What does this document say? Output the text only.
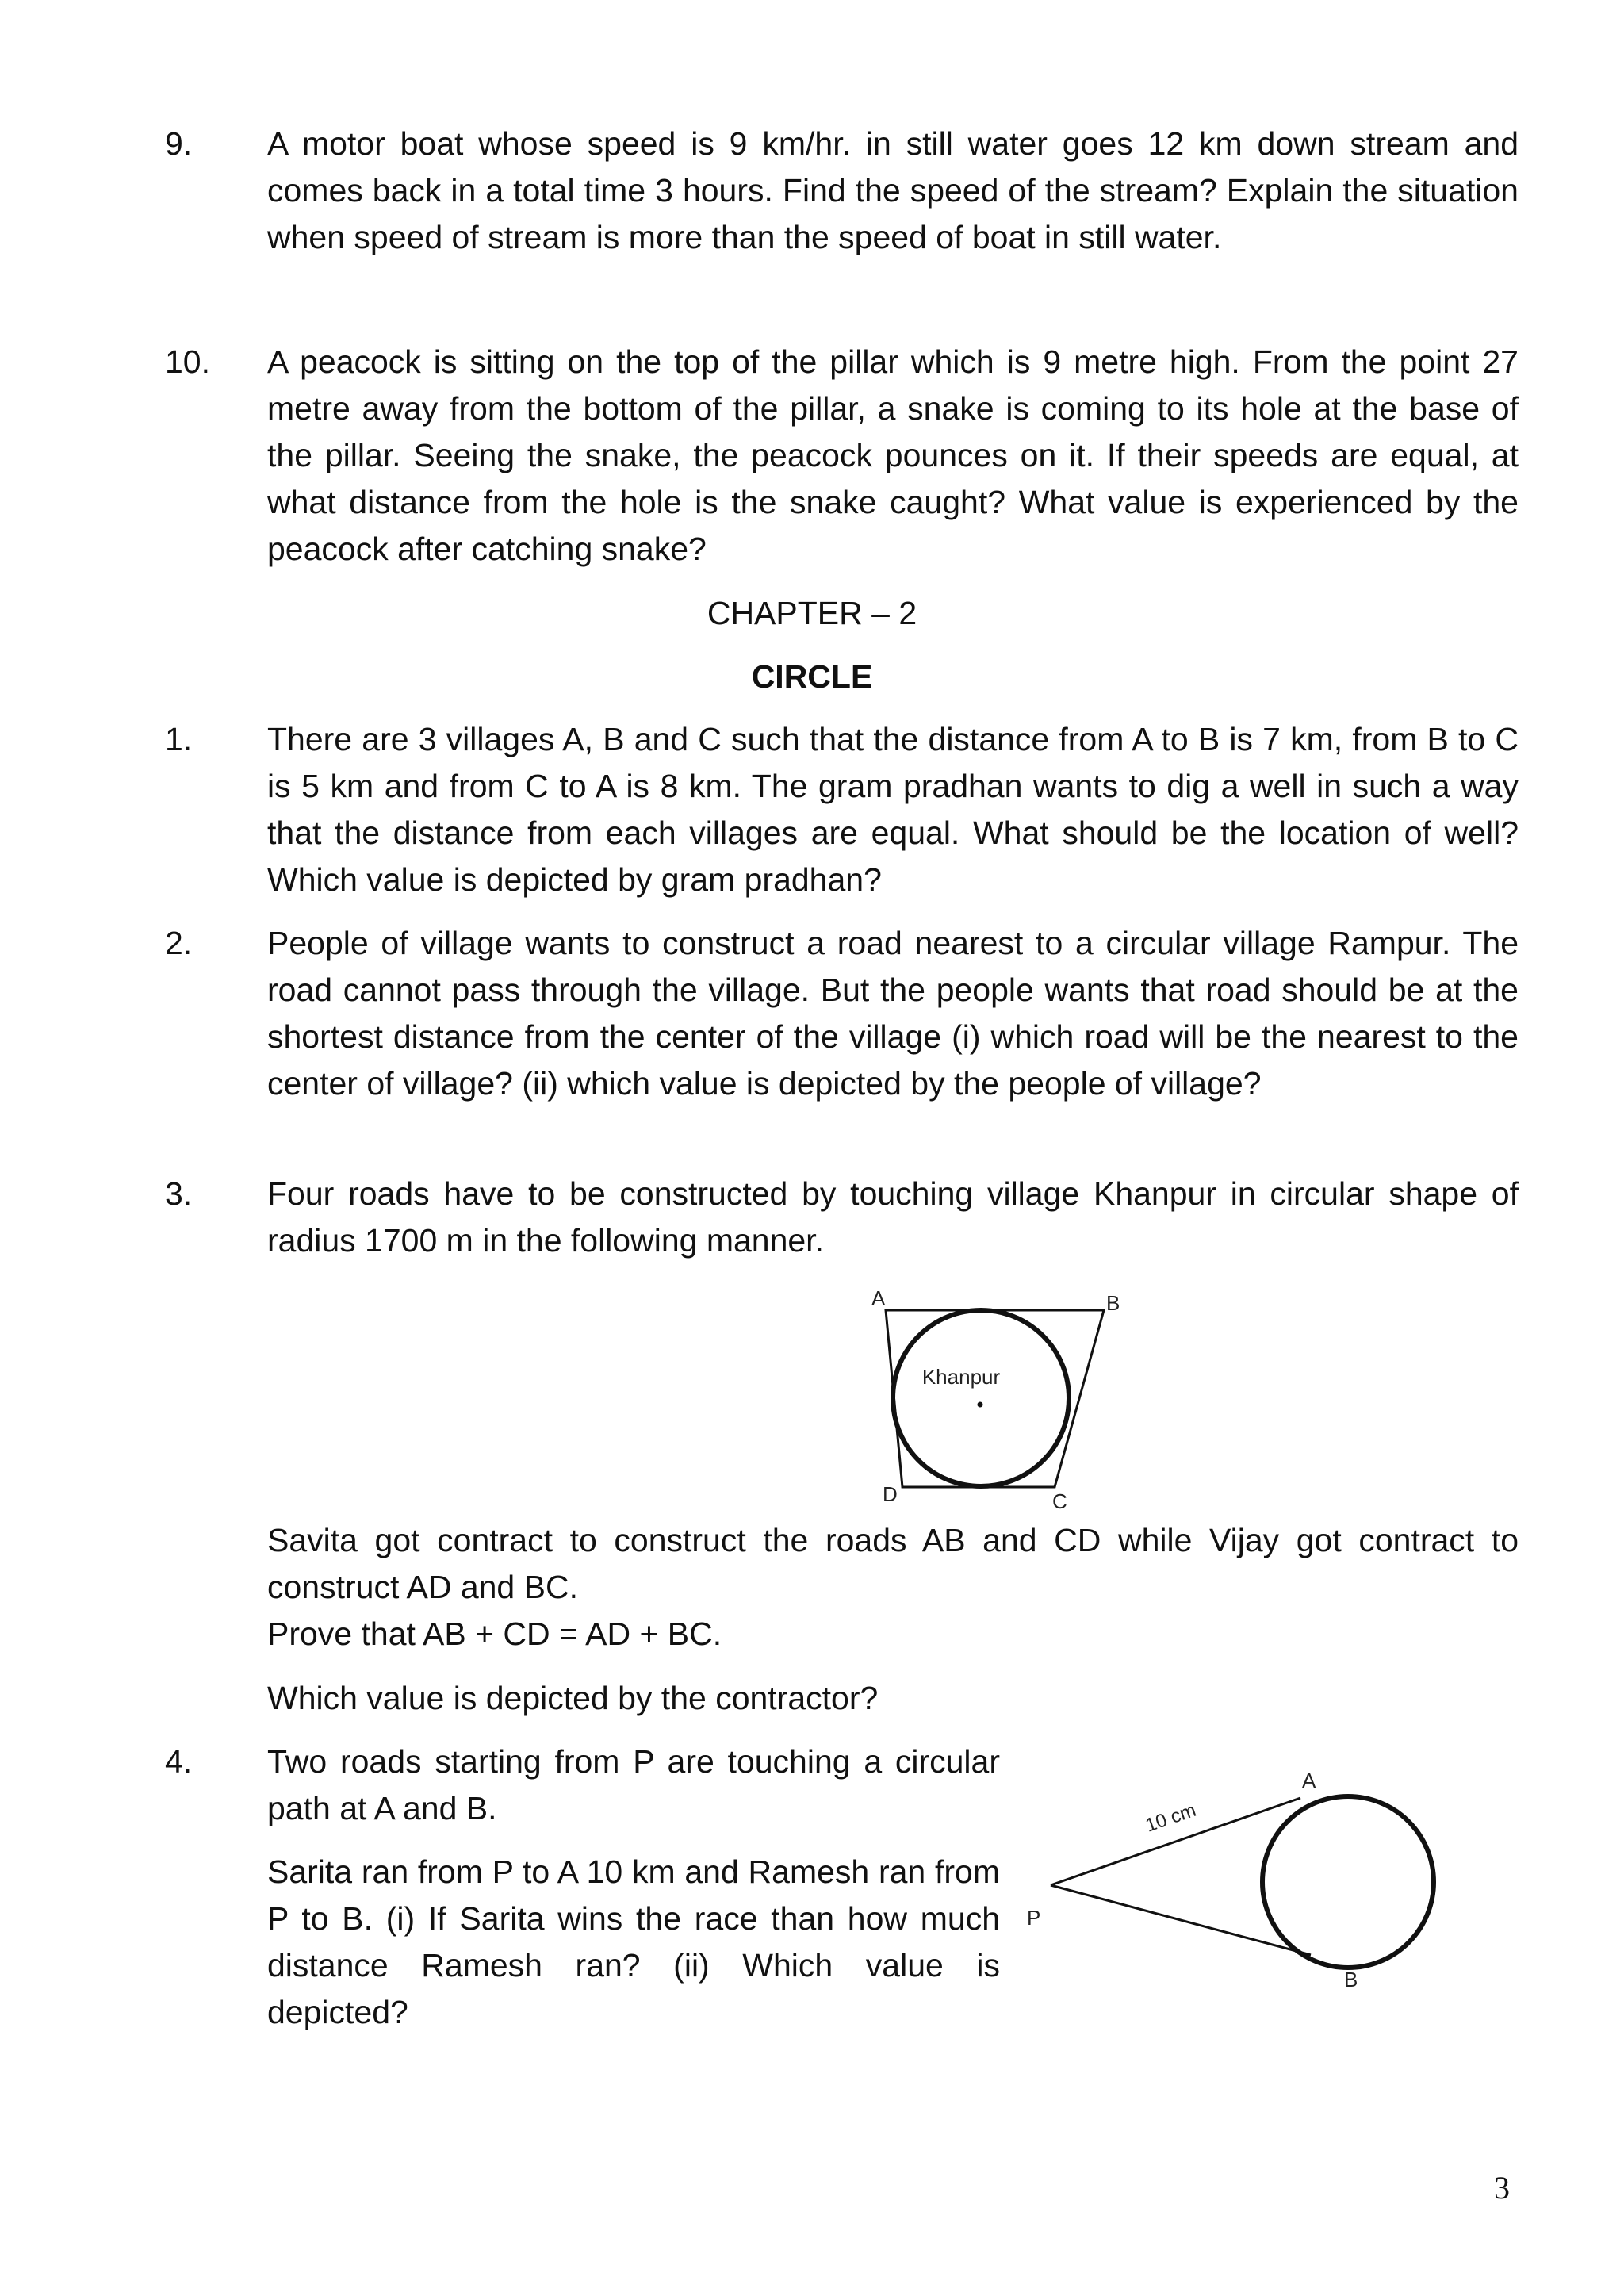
9. A motor boat whose speed is 9 km/hr. in still water goes 12 km down stream and comes back in a total time 3 hours. Find the speed of the stream? Explain the situation when speed of stream is more than the speed of boat in still water.
10. A peacock is sitting on the top of the pillar which is 9 metre high. From the point 27 metre away from the bottom of the pillar, a snake is coming to its hole at the base of the pillar. Seeing the snake, the peacock pounces on it. If their speeds are equal, at what distance from the hole is the snake caught? What value is experienced by the peacock after catching snake?
CHAPTER – 2
CIRCLE
1. There are 3 villages A, B and C such that the distance from A to B is 7 km, from B to C is 5 km and from C to A is 8 km. The gram pradhan wants to dig a well in such a way that the distance from each villages are equal. What should be the location of well? Which value is depicted by gram pradhan?
2. People of village wants to construct a road nearest to a circular village Rampur. The road cannot pass through the village. But the people wants that road should be at the shortest distance from the center of the village (i) which road will be the nearest to the center of village? (ii) which value is depicted by the people of village?
3. Four roads have to be constructed by touching village Khanpur in circular shape of radius 1700 m in the following manner.
Khanpur
A	B
D	C
Savita got contract to construct the roads AB and CD while Vijay got contract to construct AD and BC.
Prove that AB + CD = AD + BC.
Which value is depicted by the contractor?
4. Two roads starting from P are touching a circular path at A and B.
Sarita ran from P to A 10 km and Ramesh ran from P to B. (i) If Sarita wins the race than how much distance Ramesh ran? (ii) Which value is depicted?
A
B
P
10 cm
3
